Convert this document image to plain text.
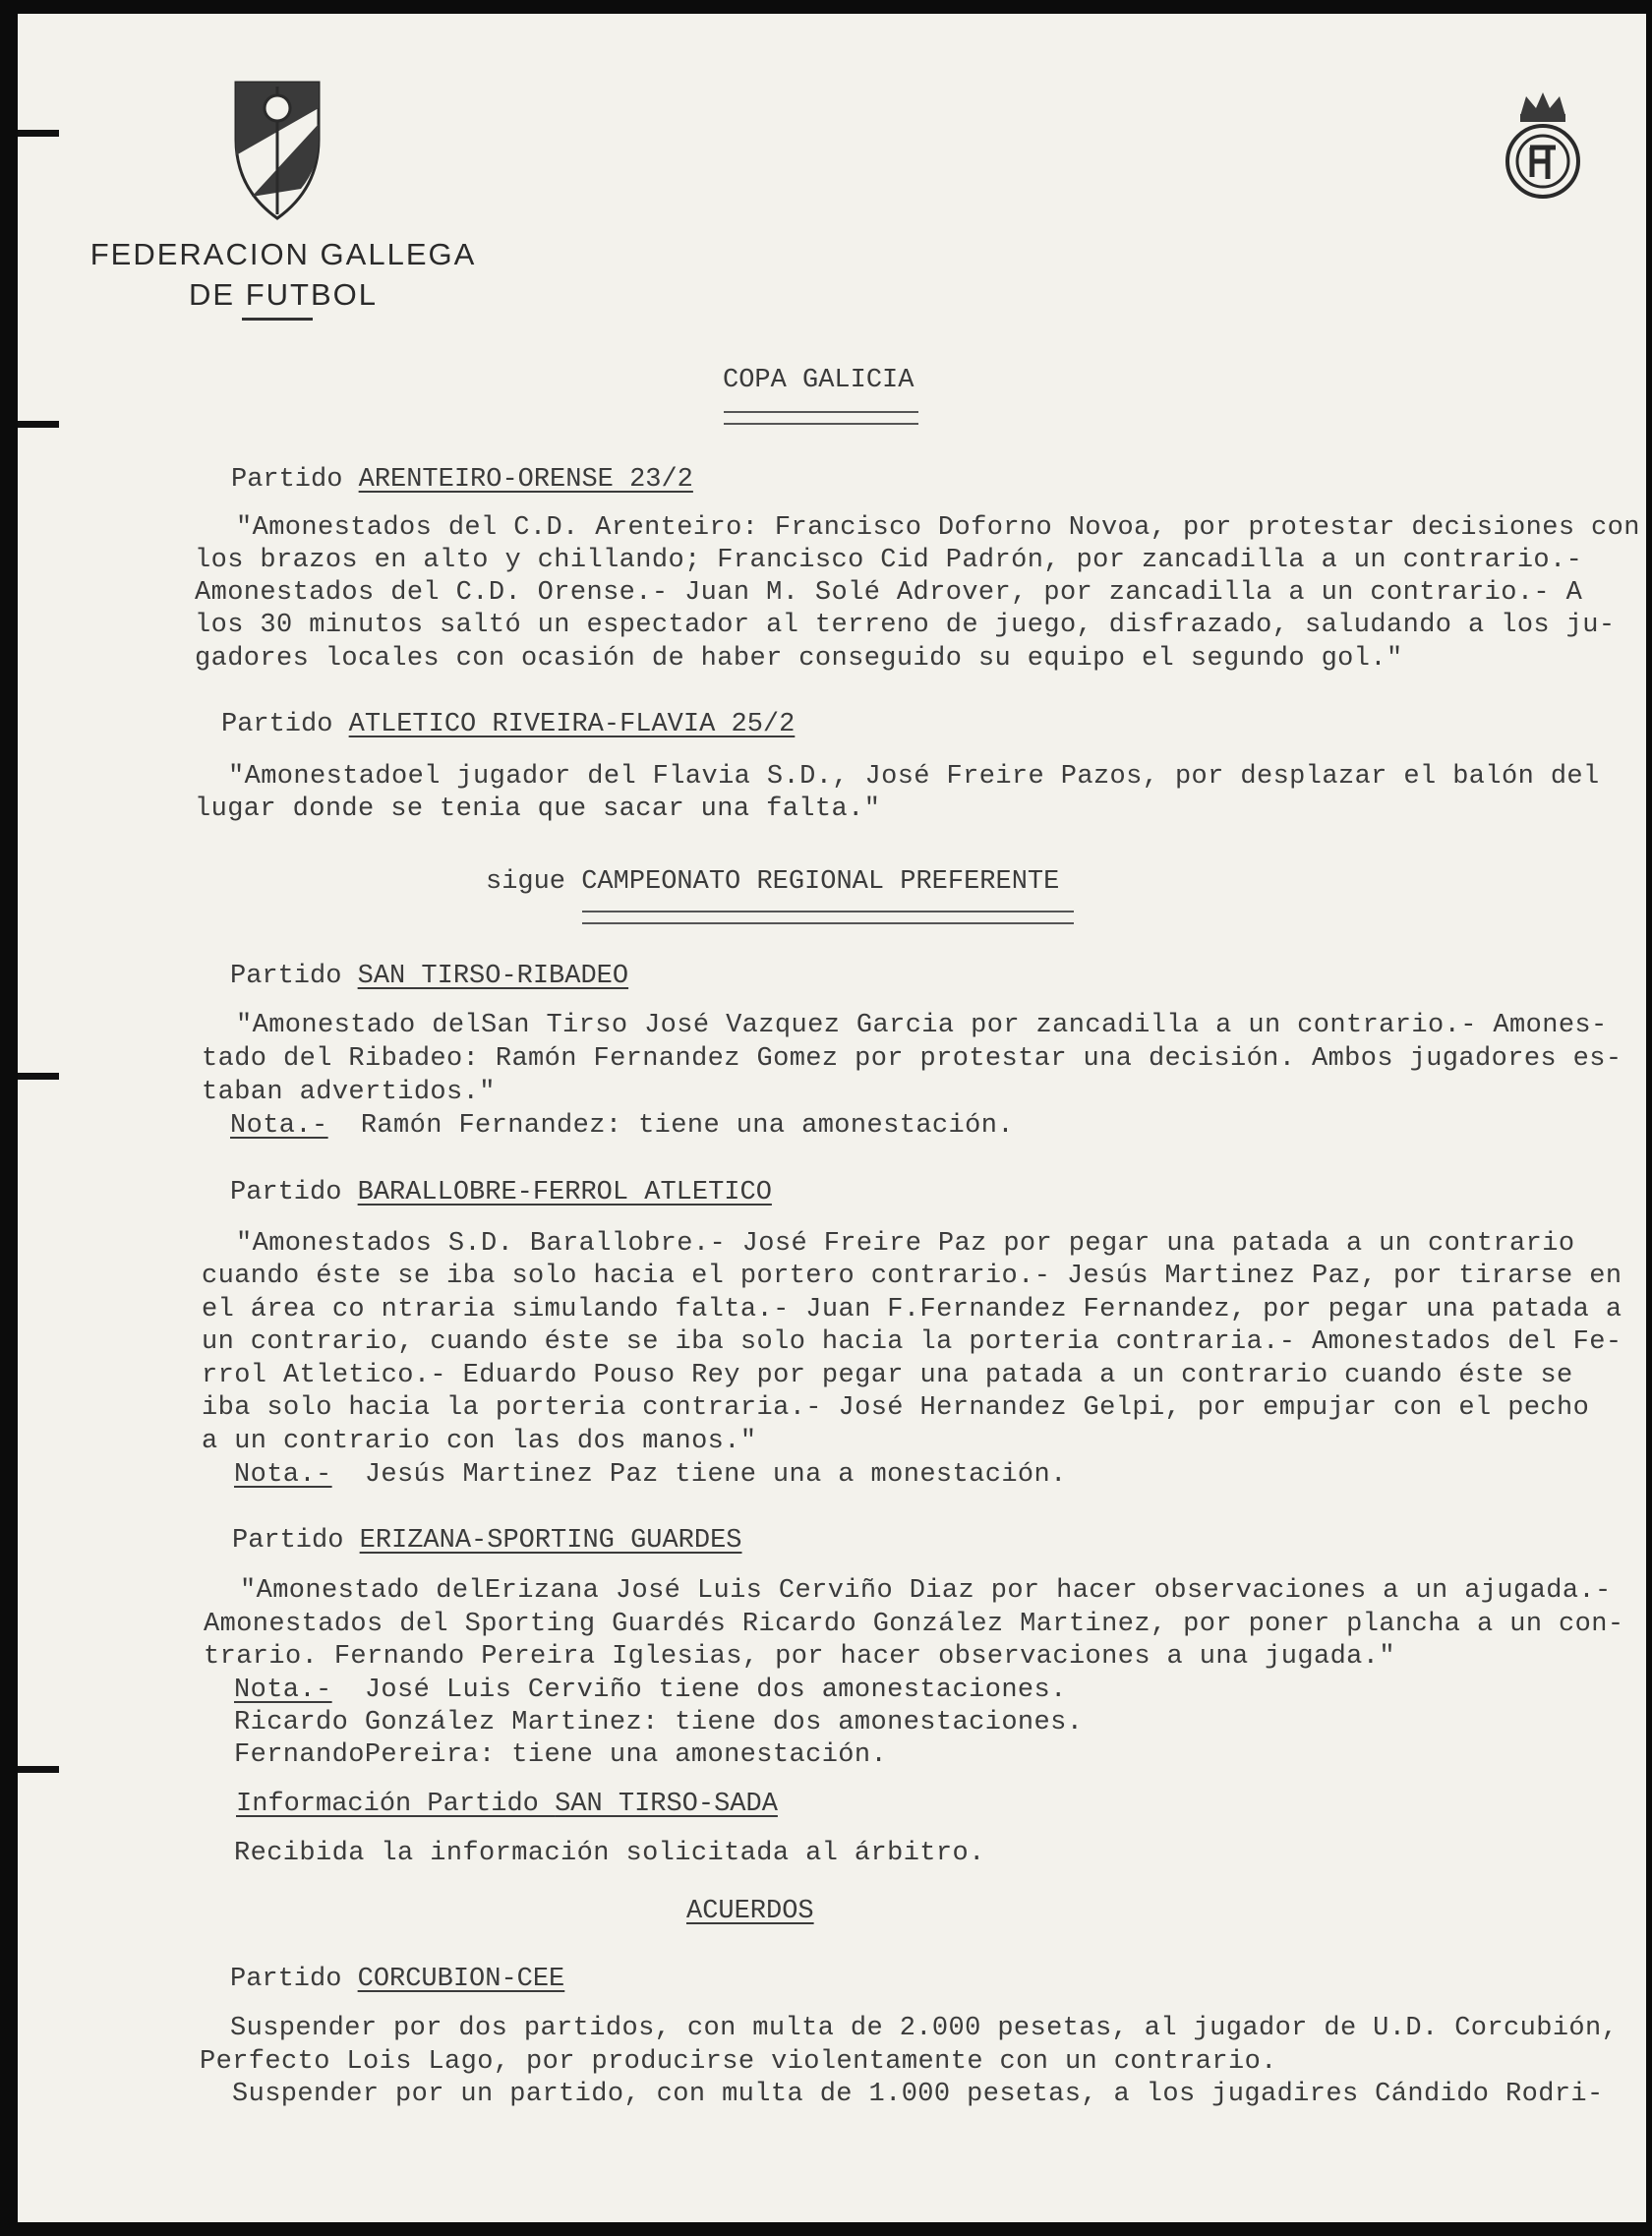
FEDERACION GALLEGA
DE FUTBOL
COPA GALICIA
Partido ARENTEIRO-ORENSE 23/2
"Amonestados del C.D. Arenteiro: Francisco Doforno Novoa, por protestar decisiones con
los brazos en alto y chillando; Francisco Cid Padrón, por zancadilla a un contrario.-
Amonestados del C.D. Orense.- Juan M. Solé Adrover, por zancadilla a un contrario.- A
los 30 minutos saltó un espectador al terreno de juego, disfrazado, saludando a los ju-
gadores locales con ocasión de haber conseguido su equipo el segundo gol."
Partido ATLETICO RIVEIRA-FLAVIA 25/2
"Amonestadoel jugador del Flavia S.D., José Freire Pazos, por desplazar el balón del
lugar donde se tenia que sacar una falta."
sigue CAMPEONATO REGIONAL PREFERENTE
Partido SAN TIRSO-RIBADEO
"Amonestado delSan Tirso José Vazquez Garcia por zancadilla a un contrario.- Amones-
tado del Ribadeo: Ramón Fernandez Gomez por protestar una decisión. Ambos jugadores es-
taban advertidos."
Nota.-  Ramón Fernandez: tiene una amonestación.
Partido BARALLOBRE-FERROL ATLETICO
"Amonestados S.D. Barallobre.- José Freire Paz por pegar una patada a un contrario
cuando éste se iba solo hacia el portero contrario.- Jesús Martinez Paz, por tirarse en
el área co ntraria simulando falta.- Juan F.Fernandez Fernandez, por pegar una patada a
un contrario, cuando éste se iba solo hacia la porteria contraria.- Amonestados del Fe-
rrol Atletico.- Eduardo Pouso Rey por pegar una patada a un contrario cuando éste se
iba solo hacia la porteria contraria.- José Hernandez Gelpi, por empujar con el pecho
a un contrario con las dos manos."
Nota.-  Jesús Martinez Paz tiene una a monestación.
Partido ERIZANA-SPORTING GUARDES
"Amonestado delErizana José Luis Cerviño Diaz por hacer observaciones a un ajugada.-
Amonestados del Sporting Guardés Ricardo González Martinez, por poner plancha a un con-
trario. Fernando Pereira Iglesias, por hacer observaciones a una jugada."
Nota.-  José Luis Cerviño tiene dos amonestaciones.
Ricardo González Martinez: tiene dos amonestaciones.
FernandoPereira: tiene una amonestación.
Información Partido SAN TIRSO-SADA
Recibida la información solicitada al árbitro.
ACUERDOS
Partido CORCUBION-CEE
Suspender por dos partidos, con multa de 2.000 pesetas, al jugador de U.D. Corcubión,
Perfecto Lois Lago, por producirse violentamente con un contrario.
Suspender por un partido, con multa de 1.000 pesetas, a los jugadires Cándido Rodri-
